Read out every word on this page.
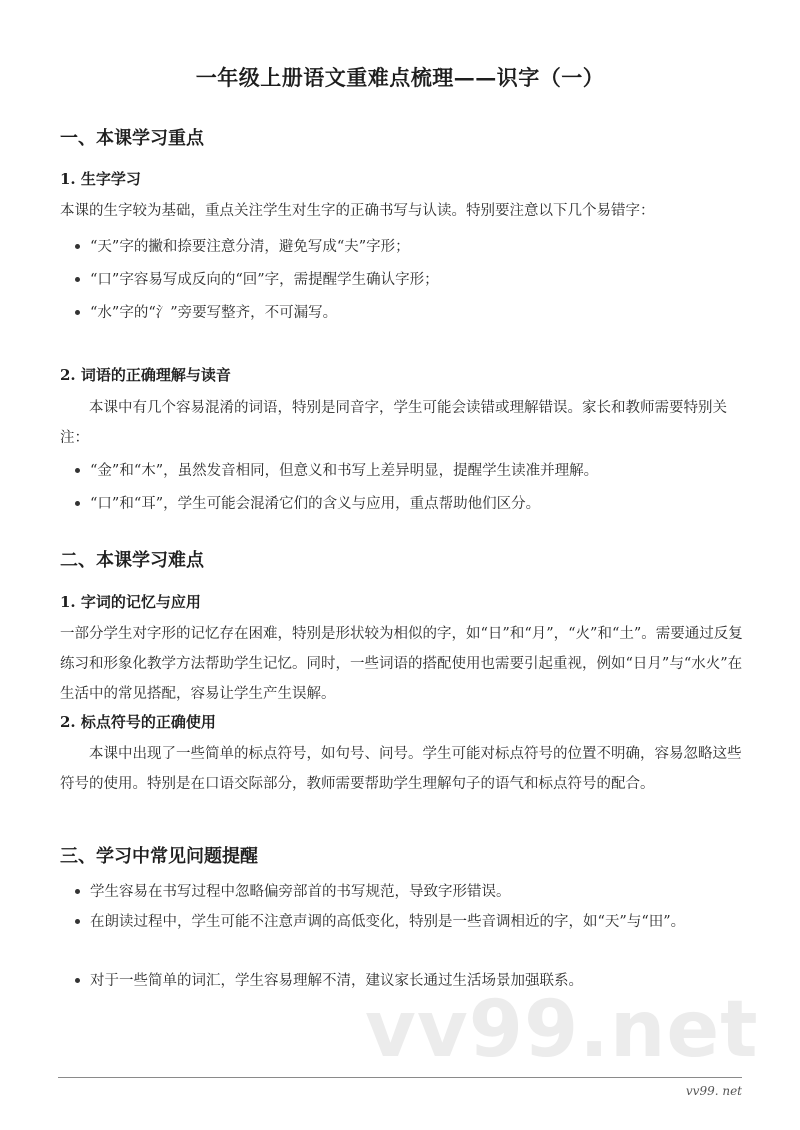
一年级上册语文重难点梳理——识字（一）
一、本课学习重点
1. 生字学习

本课的生字较为基础，重点关注学生对生字的正确书写与认读。特别要注意以下几个易错字：

“天”字的撇和捺要注意分清，避免写成“夫”字形；
“口”字容易写成反向的“回”字，需提醒学生确认字形；
“水”字的“氵”旁要写整齐，不可漏写。
2. 词语的正确理解与读音

本课中有几个容易混淆的词语，特别是同音字，学生可能会读错或理解错误。家长和教师需要特别关注：

“金”和“木”，虽然发音相同，但意义和书写上差异明显，提醒学生读准并理解。
“口”和“耳”，学生可能会混淆它们的含义与应用，重点帮助他们区分。
二、本课学习难点
1. 字词的记忆与应用

一部分学生对字形的记忆存在困难，特别是形状较为相似的字，如“日”和“月”，“火”和“土”。需要通过反复练习和形象化教学方法帮助学生记忆。同时，一些词语的搭配使用也需要引起重视，例如“日月”与“水火”在生活中的常见搭配，容易让学生产生误解。

2. 标点符号的正确使用

本课中出现了一些简单的标点符号，如句号、问号。学生可能对标点符号的位置不明确，容易忽略这些符号的使用。特别是在口语交际部分，教师需要帮助学生理解句子的语气和标点符号的配合。

三、学习中常见问题提醒
学生容易在书写过程中忽略偏旁部首的书写规范，导致字形错误。
在朗读过程中，学生可能不注意声调的高低变化，特别是一些音调相近的字，如“天”与“田”。
对于一些简单的词汇，学生容易理解不清，建议家长通过生活场景加强联系。
vv99.net
vv99. net
